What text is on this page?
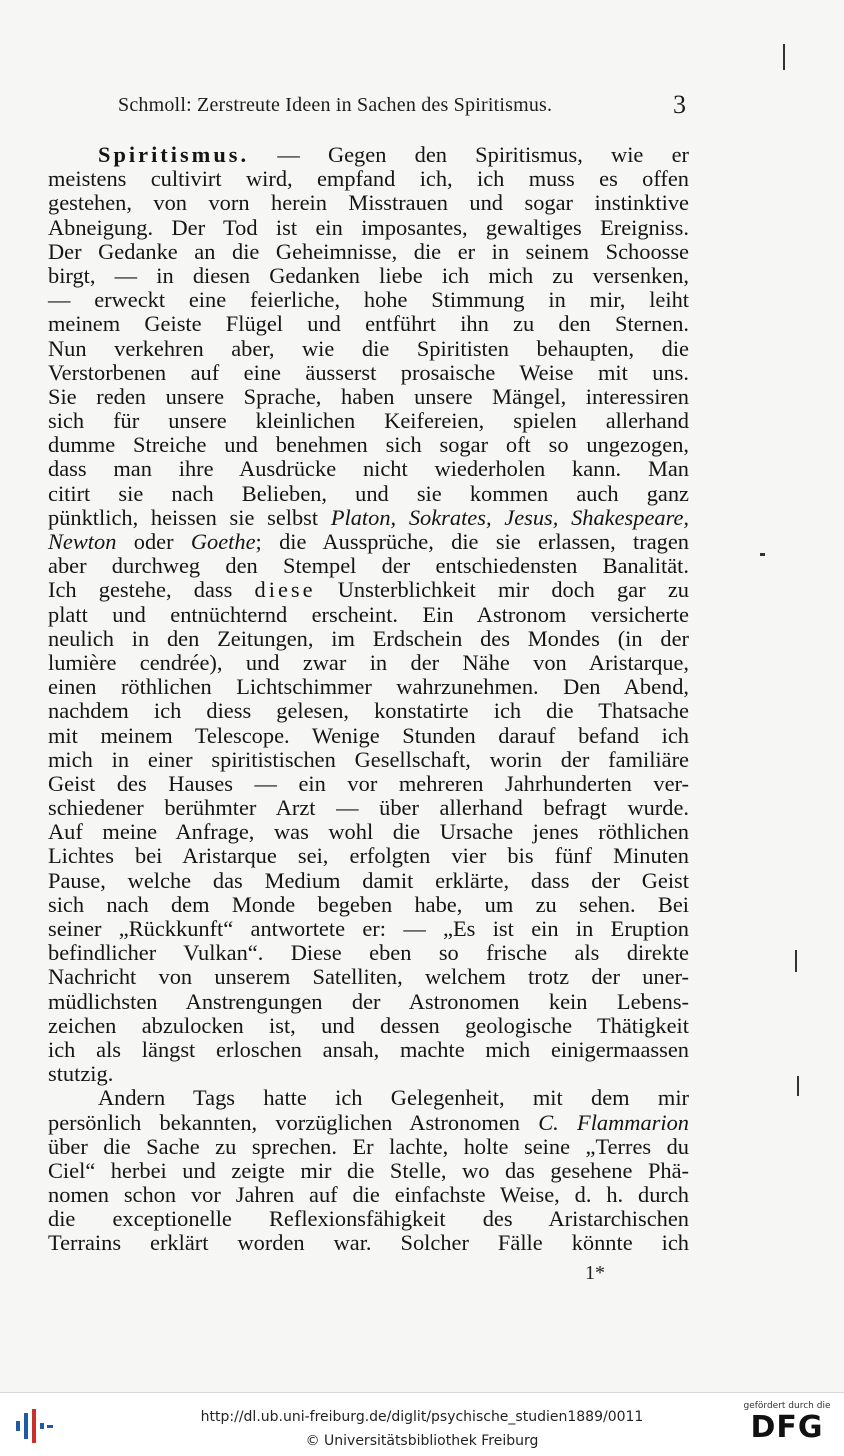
Schmoll: Zerstreute Ideen in Sachen des Spiritismus.	3
Spiritismus. — Gegen den Spiritismus, wie er
meistens cultivirt wird, empfand ich, ich muss es offen
gestehen, von vorn herein Misstrauen und sogar instinktive
Abneigung. Der Tod ist ein imposantes, gewaltiges Ereigniss.
Der Gedanke an die Geheimnisse, die er in seinem Schoosse
birgt, — in diesen Gedanken liebe ich mich zu versenken,
— erweckt eine feierliche, hohe Stimmung in mir, leiht
meinem Geiste Flügel und entführt ihn zu den Sternen.
Nun verkehren aber, wie die Spiritisten behaupten, die
Verstorbenen auf eine äusserst prosaische Weise mit uns.
Sie reden unsere Sprache, haben unsere Mängel, interessiren
sich für unsere kleinlichen Keifereien, spielen allerhand
dumme Streiche und benehmen sich sogar oft so ungezogen,
dass man ihre Ausdrücke nicht wiederholen kann. Man
citirt sie nach Belieben, und sie kommen auch ganz
pünktlich, heissen sie selbst Platon, Sokrates, Jesus, Shakespeare,
Newton oder Goethe; die Aussprüche, die sie erlassen, tragen
aber durchweg den Stempel der entschiedensten Banalität.
Ich gestehe, dass diese Unsterblichkeit mir doch gar zu
platt und entnüchternd erscheint. Ein Astronom versicherte
neulich in den Zeitungen, im Erdschein des Mondes (in der
lumière cendrée), und zwar in der Nähe von Aristarque,
einen röthlichen Lichtschimmer wahrzunehmen. Den Abend,
nachdem ich diess gelesen, konstatirte ich die Thatsache
mit meinem Telescope. Wenige Stunden darauf befand ich
mich in einer spiritistischen Gesellschaft, worin der familiäre
Geist des Hauses — ein vor mehreren Jahrhunderten ver-
schiedener berühmter Arzt — über allerhand befragt wurde.
Auf meine Anfrage, was wohl die Ursache jenes röthlichen
Lichtes bei Aristarque sei, erfolgten vier bis fünf Minuten
Pause, welche das Medium damit erklärte, dass der Geist
sich nach dem Monde begeben habe, um zu sehen. Bei
seiner „Rückkunft“ antwortete er: — „Es ist ein in Eruption
befindlicher Vulkan“. Diese eben so frische als direkte
Nachricht von unserem Satelliten, welchem trotz der uner-
müdlichsten Anstrengungen der Astronomen kein Lebens-
zeichen abzulocken ist, und dessen geologische Thätigkeit
ich als längst erloschen ansah, machte mich einigermaassen
stutzig.
Andern Tags hatte ich Gelegenheit, mit dem mir
persönlich bekannten, vorzüglichen Astronomen C. Flammarion
über die Sache zu sprechen. Er lachte, holte seine „Terres du
Ciel“ herbei und zeigte mir die Stelle, wo das gesehene Phä-
nomen schon vor Jahren auf die einfachste Weise, d. h. durch
die exceptionelle Reflexionsfähigkeit des Aristarchischen
Terrains erklärt worden war. Solcher Fälle könnte ich
1*
http://dl.ub.uni-freiburg.de/diglit/psychische_studien1889/0011
© Universitätsbibliothek Freiburg
gefördert durch die
DFG
